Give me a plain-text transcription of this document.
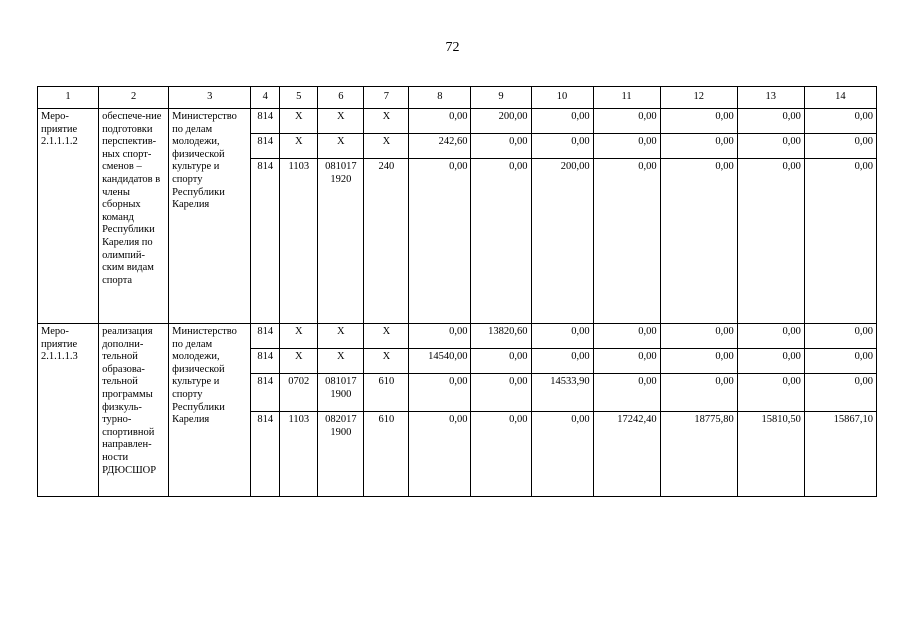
72
1	2	3	4	5	6	7	8	9	10	11	12	13	14
Меро-приятие 2.1.1.1.2	обеспече-ние подготовки перспектив-ных спорт-сменов – кандидатов в члены сборных команд Республики Карелия по олимпий-ским видам спорта	Министерство по делам молодежи, физической культуре и спорту Республики Карелия	814	X	X	X	0,00	200,00	0,00	0,00	0,00	0,00	0,00
			814	X	X	X	242,60	0,00	0,00	0,00	0,00	0,00	0,00
			814	1103	081017 1920	240	0,00	0,00	200,00	0,00	0,00	0,00	0,00
Меро-приятие 2.1.1.1.3	реализация дополни-тельной образова-тельной программы физкуль-турно-спортивной направлен-ности РДЮСШОР	Министерство по делам молодежи, физической культуре и спорту Республики Карелия	814	X	X	X	0,00	13820,60	0,00	0,00	0,00	0,00	0,00
			814	X	X	X	14540,00	0,00	0,00	0,00	0,00	0,00	0,00
			814	0702	081017 1900	610	0,00	0,00	14533,90	0,00	0,00	0,00	0,00
			814	1103	082017 1900	610	0,00	0,00	0,00	17242,40	18775,80	15810,50	15867,10
